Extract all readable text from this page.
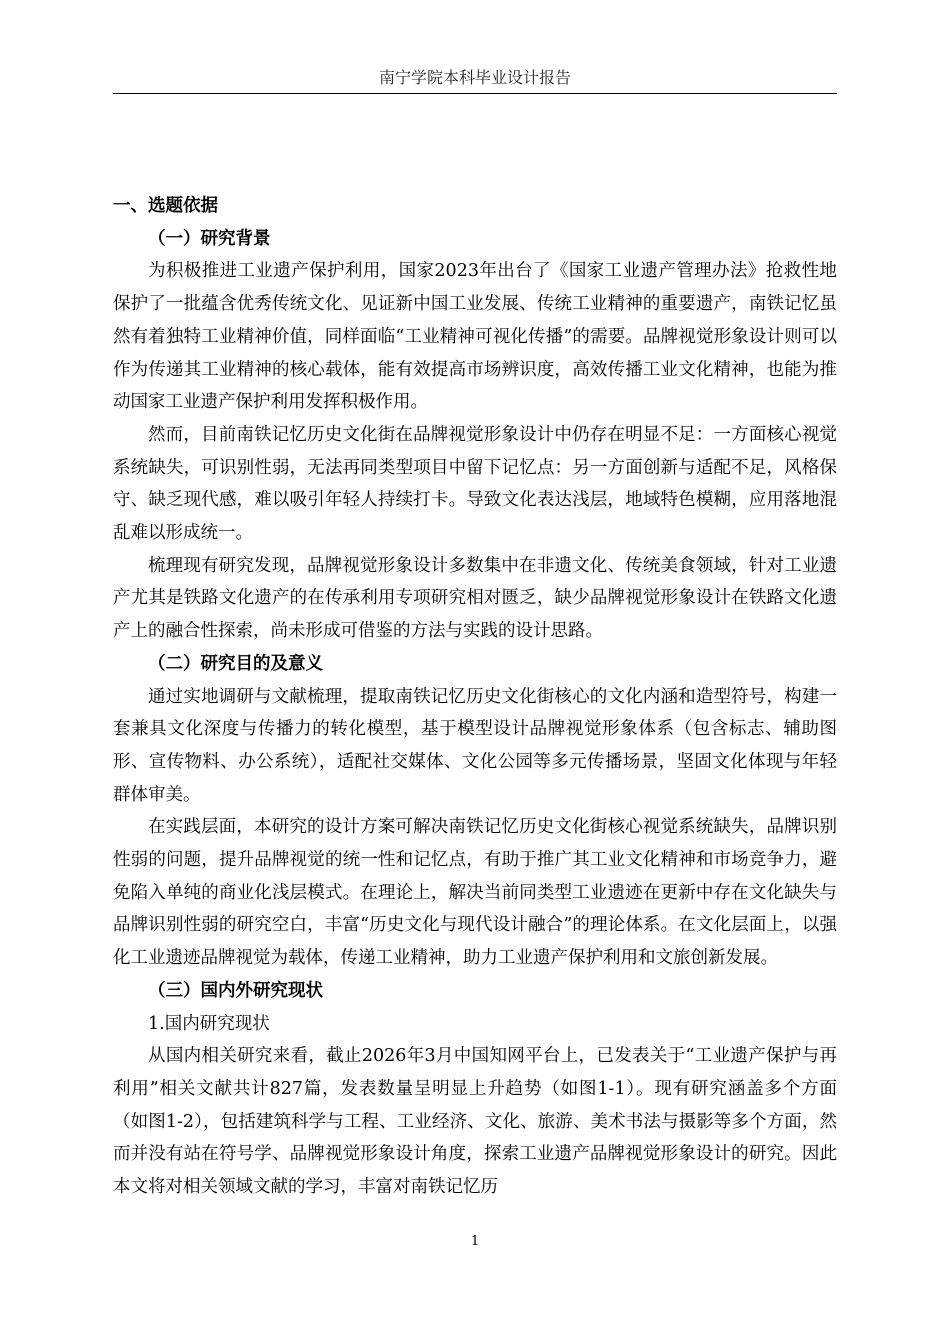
南宁学院本科毕业设计报告
一、选题依据
（一）研究背景

为积极推进工业遗产保护利用，国家2023年出台了《国家工业遗产管理办法》抢救性地保护了一批蕴含优秀传统文化、见证新中国工业发展、传统工业精神的重要遗产，南铁记忆虽然有着独特工业精神价值，同样面临“工业精神可视化传播”的需要。品牌视觉形象设计则可以作为传递其工业精神的核心载体，能有效提高市场辨识度，高效传播工业文化精神，也能为推动国家工业遗产保护利用发挥积极作用。

然而，目前南铁记忆历史文化街在品牌视觉形象设计中仍存在明显不足：一方面核心视觉系统缺失，可识别性弱，无法再同类型项目中留下记忆点：另一方面创新与适配不足，风格保守、缺乏现代感，难以吸引年轻人持续打卡。导致文化表达浅层，地域特色模糊，应用落地混乱难以形成统一。

梳理现有研究发现，品牌视觉形象设计多数集中在非遗文化、传统美食领域，针对工业遗产尤其是铁路文化遗产的在传承利用专项研究相对匮乏，缺少品牌视觉形象设计在铁路文化遗产上的融合性探索，尚未形成可借鉴的方法与实践的设计思路。

（二）研究目的及意义

通过实地调研与文献梳理，提取南铁记忆历史文化街核心的文化内涵和造型符号，构建一套兼具文化深度与传播力的转化模型，基于模型设计品牌视觉形象体系（包含标志、辅助图形、宣传物料、办公系统），适配社交媒体、文化公园等多元传播场景，坚固文化体现与年轻群体审美。

在实践层面，本研究的设计方案可解决南铁记忆历史文化街核心视觉系统缺失，品牌识别性弱的问题，提升品牌视觉的统一性和记忆点，有助于推广其工业文化精神和市场竞争力，避免陷入单纯的商业化浅层模式。在理论上，解决当前同类型工业遗迹在更新中存在文化缺失与品牌识别性弱的研究空白，丰富“历史文化与现代设计融合”的理论体系。在文化层面上，以强化工业遗迹品牌视觉为载体，传递工业精神，助力工业遗产保护利用和文旅创新发展。

（三）国内外研究现状

1.国内研究现状

从国内相关研究来看，截止2026年3月中国知网平台上，已发表关于“工业遗产保护与再利用”相关文献共计827篇，发表数量呈明显上升趋势（如图1-1）。现有研究涵盖多个方面（如图1-2），包括建筑科学与工程、工业经济、文化、旅游、美术书法与摄影等多个方面，然而并没有站在符号学、品牌视觉形象设计角度，探索工业遗产品牌视觉形象设计的研究。因此本文将对相关领域文献的学习，丰富对南铁记忆历

1
